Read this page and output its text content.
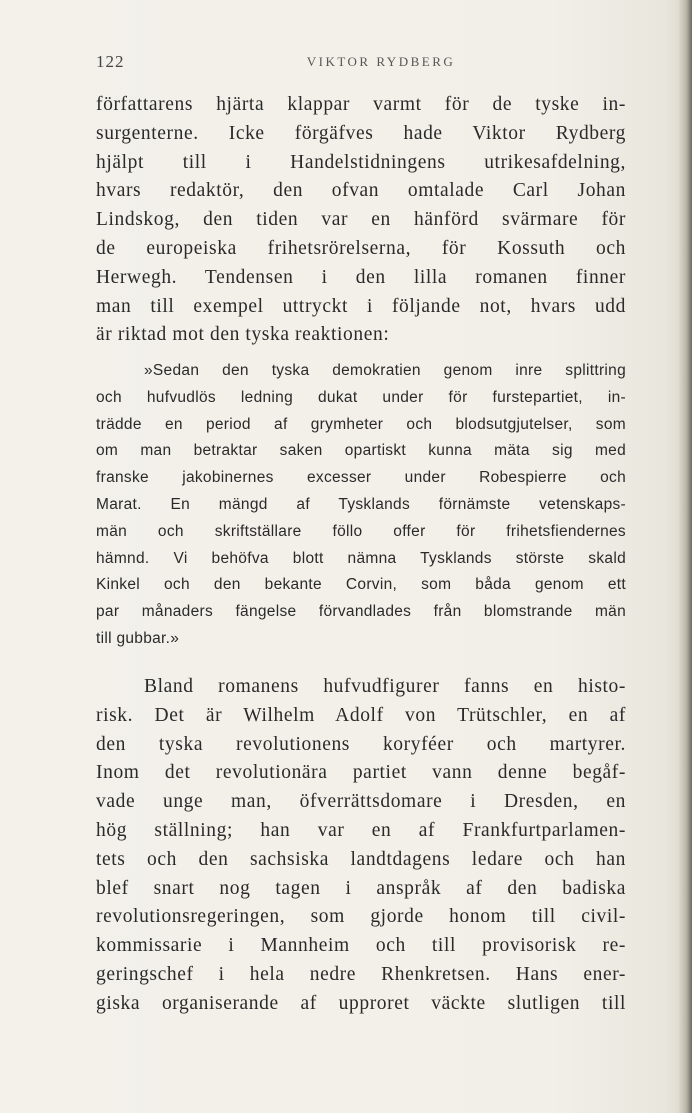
122	VIKTOR RYDBERG
författarens hjärta klappar varmt för de tyske in-
surgenterne. Icke förgäfves hade Viktor Rydberg
hjälpt till i Handelstidningens utrikesafdelning,
hvars redaktör, den ofvan omtalade Carl Johan
Lindskog, den tiden var en hänförd svärmare för
de europeiska frihetsrörelserna, för Kossuth och
Herwegh. Tendensen i den lilla romanen finner
man till exempel uttryckt i följande not, hvars udd
är riktad mot den tyska reaktionen:
»Sedan den tyska demokratien genom inre splittring
och hufvudlös ledning dukat under för furstepartiet, in-
trädde en period af grymheter och blodsutgjutelser, som
om man betraktar saken opartiskt kunna mäta sig med
franske jakobinernes excesser under Robespierre och
Marat. En mängd af Tysklands förnämste vetenskaps-
män och skriftställare föllo offer för frihetsfiendernes
hämnd. Vi behöfva blott nämna Tysklands störste skald
Kinkel och den bekante Corvin, som båda genom ett
par månaders fängelse förvandlades från blomstrande män
till gubbar.»
Bland romanens hufvudfigurer fanns en histo-
risk. Det är Wilhelm Adolf von Trütschler, en af
den tyska revolutionens koryféer och martyrer.
Inom det revolutionära partiet vann denne begåf-
vade unge man, öfverrättsdomare i Dresden, en
hög ställning; han var en af Frankfurtparlamen-
tets och den sachsiska landtdagens ledare och han
blef snart nog tagen i anspråk af den badiska
revolutionsregeringen, som gjorde honom till civil-
kommissarie i Mannheim och till provisorisk re-
geringschef i hela nedre Rhenkretsen. Hans ener-
giska organiserande af upproret väckte slutligen till
